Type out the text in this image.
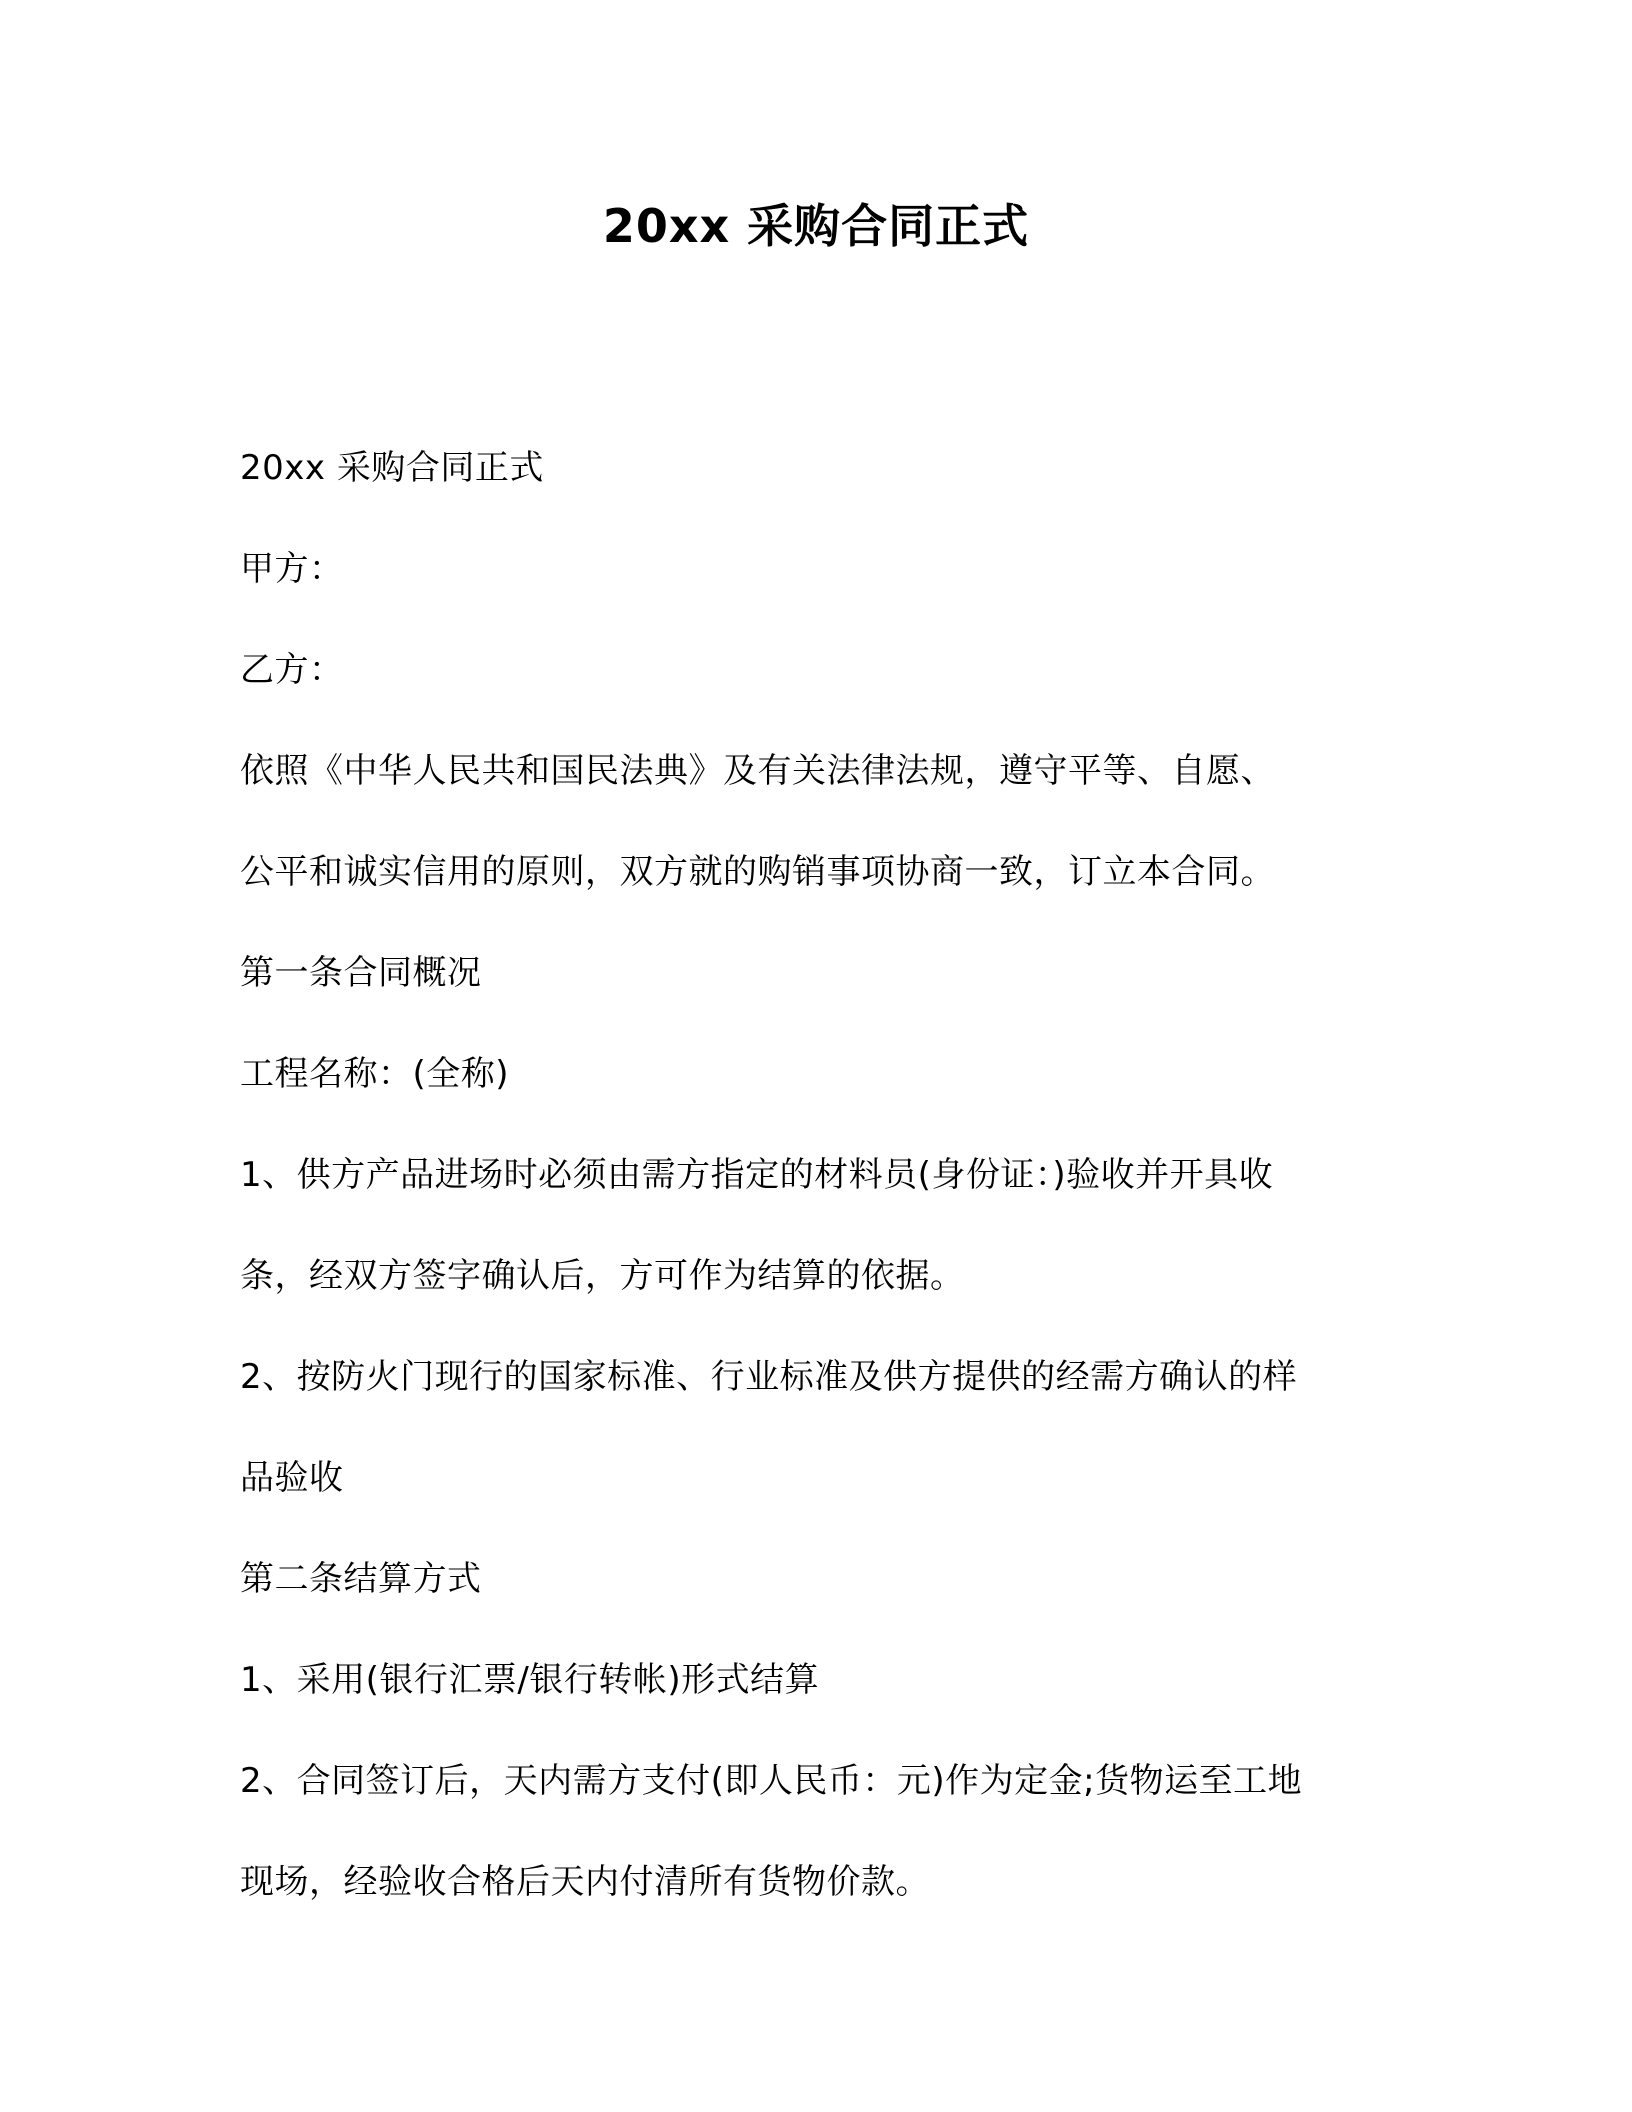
20xx 采购合同正式
20xx 采购合同正式
甲方：
乙方：
依照《中华人民共和国民法典》及有关法律法规，遵守平等、自愿、
公平和诚实信用的原则，双方就的购销事项协商一致，订立本合同。
第一条合同概况
工程名称：(全称)
1、供方产品进场时必须由需方指定的材料员(身份证：)验收并开具收
条，经双方签字确认后，方可作为结算的依据。
2、按防火门现行的国家标准、行业标准及供方提供的经需方确认的样
品验收
第二条结算方式
1、采用(银行汇票/银行转帐)形式结算
2、合同签订后，天内需方支付(即人民币：元)作为定金;货物运至工地
现场，经验收合格后天内付清所有货物价款。
